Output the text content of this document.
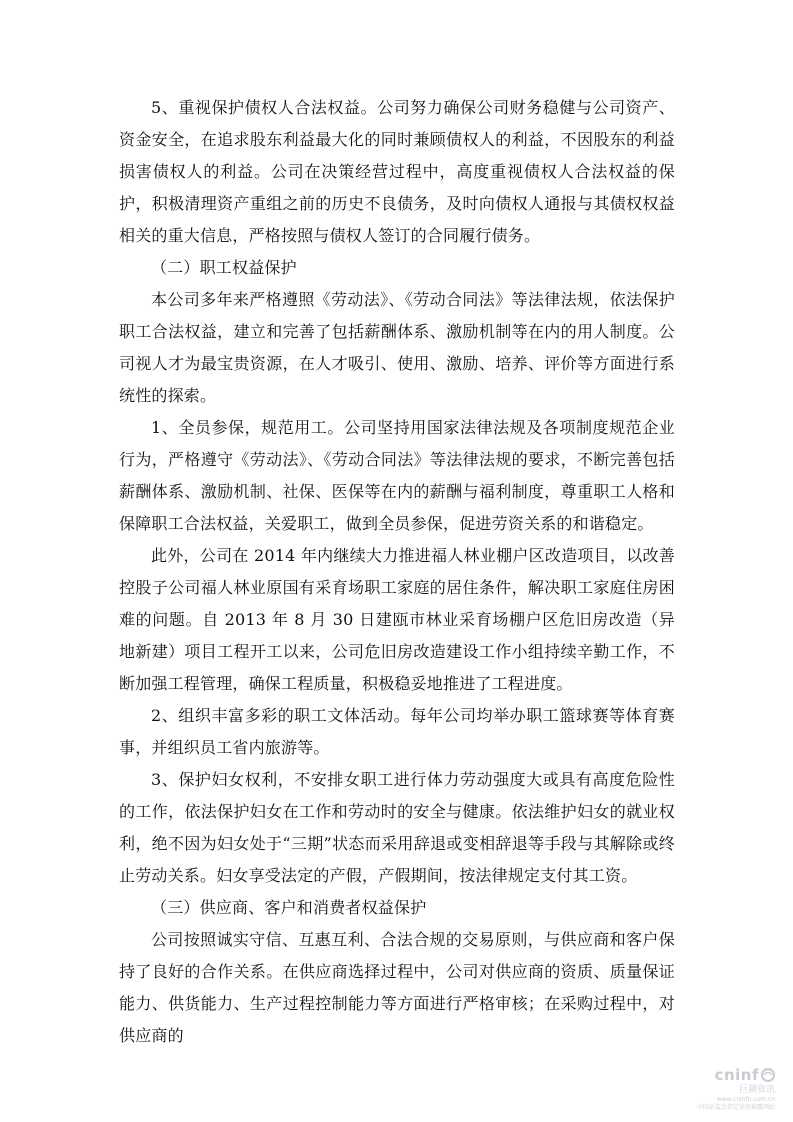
5、重视保护债权人合法权益。公司努力确保公司财务稳健与公司资产、资金安全，在追求股东利益最大化的同时兼顾债权人的利益，不因股东的利益损害债权人的利益。公司在决策经营过程中，高度重视债权人合法权益的保护，积极清理资产重组之前的历史不良债务，及时向债权人通报与其债权权益相关的重大信息，严格按照与债权人签订的合同履行债务。

（二）职工权益保护

本公司多年来严格遵照《劳动法》、《劳动合同法》等法律法规，依法保护职工合法权益，建立和完善了包括薪酬体系、激励机制等在内的用人制度。公司视人才为最宝贵资源，在人才吸引、使用、激励、培养、评价等方面进行系统性的探索。

1、全员参保，规范用工。公司坚持用国家法律法规及各项制度规范企业行为，严格遵守《劳动法》、《劳动合同法》等法律法规的要求，不断完善包括薪酬体系、激励机制、社保、医保等在内的薪酬与福利制度，尊重职工人格和保障职工合法权益，关爱职工，做到全员参保，促进劳资关系的和谐稳定。

此外，公司在 2014 年内继续大力推进福人林业棚户区改造项目，以改善控股子公司福人林业原国有采育场职工家庭的居住条件，解决职工家庭住房困难的问题。自 2013 年 8 月 30 日建瓯市林业采育场棚户区危旧房改造（异地新建）项目工程开工以来，公司危旧房改造建设工作小组持续辛勤工作，不断加强工程管理，确保工程质量，积极稳妥地推进了工程进度。

2、组织丰富多彩的职工文体活动。每年公司均举办职工篮球赛等体育赛事，并组织员工省内旅游等。

3、保护妇女权利，不安排女职工进行体力劳动强度大或具有高度危险性的工作，依法保护妇女在工作和劳动时的安全与健康。依法维护妇女的就业权利，绝不因为妇女处于“三期”状态而采用辞退或变相辞退等手段与其解除或终止劳动关系。妇女享受法定的产假，产假期间，按法律规定支付其工资。

（三）供应商、客户和消费者权益保护

公司按照诚实守信、互惠互利、合法合规的交易原则，与供应商和客户保持了良好的合作关系。在供应商选择过程中，公司对供应商的资质、质量保证能力、供货能力、生产过程控制能力等方面进行严格审核；在采购过程中，对供应商的

cninf
巨潮资讯
www.cninfo.com.cn
中国证监会指定信息披露网站
